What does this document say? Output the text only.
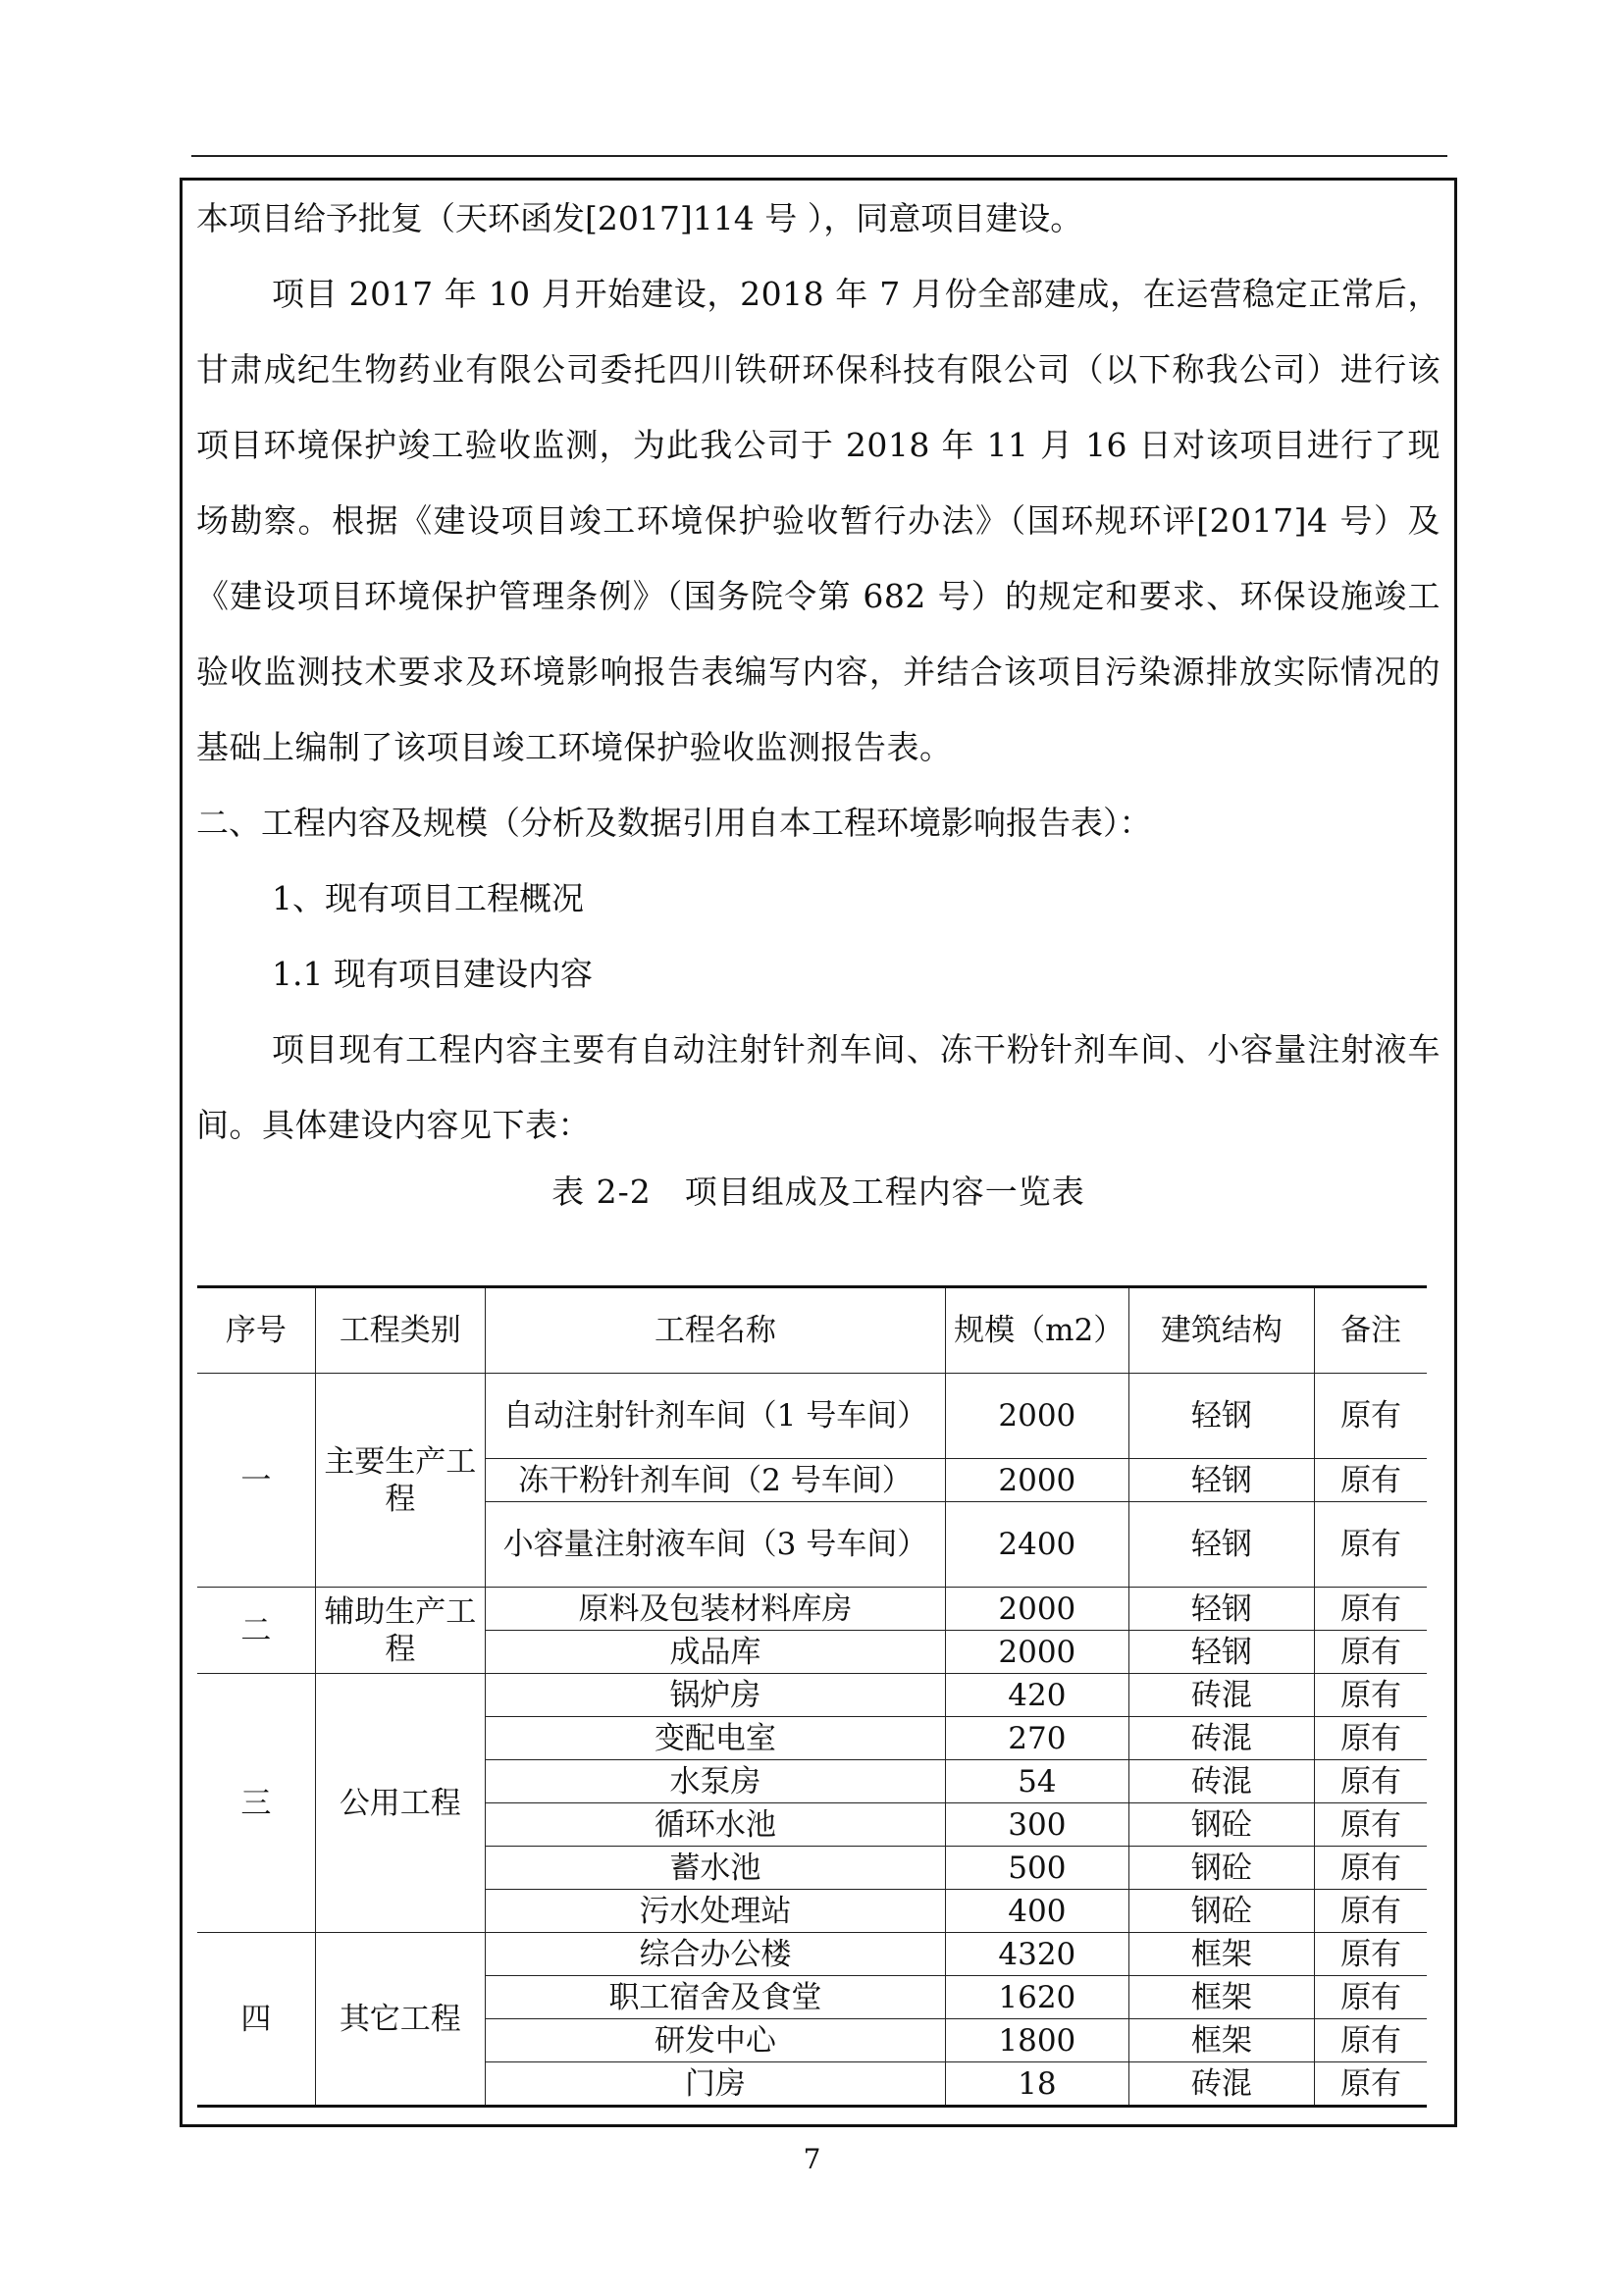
本项目给予批复（天环函发[2017]114 号 ），同意项目建设。

项目 2017 年 10 月开始建设，2018 年 7 月份全部建成，在运营稳定正常后，甘肃成纪生物药业有限公司委托四川铁研环保科技有限公司（以下称我公司）进行该项目环境保护竣工验收监测，为此我公司于 2018 年 11 月 16 日对该项目进行了现场勘察。根据《建设项目竣工环境保护验收暂行办法》（国环规环评[2017]4 号）及《建设项目环境保护管理条例》（国务院令第 682 号）的规定和要求、环保设施竣工验收监测技术要求及环境影响报告表编写内容，并结合该项目污染源排放实际情况的基础上编制了该项目竣工环境保护验收监测报告表。

二、工程内容及规模（分析及数据引用自本工程环境影响报告表）：

1、现有项目工程概况

1.1 现有项目建设内容

项目现有工程内容主要有自动注射针剂车间、冻干粉针剂车间、小容量注射液车间。具体建设内容见下表：

表 2-2　项目组成及工程内容一览表
序号	工程类别	工程名称	规模（m2）	建筑结构	备注
一	主要生产工程	自动注射针剂车间（1 号车间）	2000	轻钢	原有
		冻干粉针剂车间（2 号车间）	2000	轻钢	原有
		小容量注射液车间（3 号车间）	2400	轻钢	原有
二	辅助生产工程	原料及包装材料库房	2000	轻钢	原有
		成品库	2000	轻钢	原有
三	公用工程	锅炉房	420	砖混	原有
		变配电室	270	砖混	原有
		水泵房	54	砖混	原有
		循环水池	300	钢砼	原有
		蓄水池	500	钢砼	原有
		污水处理站	400	钢砼	原有
四	其它工程	综合办公楼	4320	框架	原有
		职工宿舍及食堂	1620	框架	原有
		研发中心	1800	框架	原有
		门房	18	砖混	原有
7
